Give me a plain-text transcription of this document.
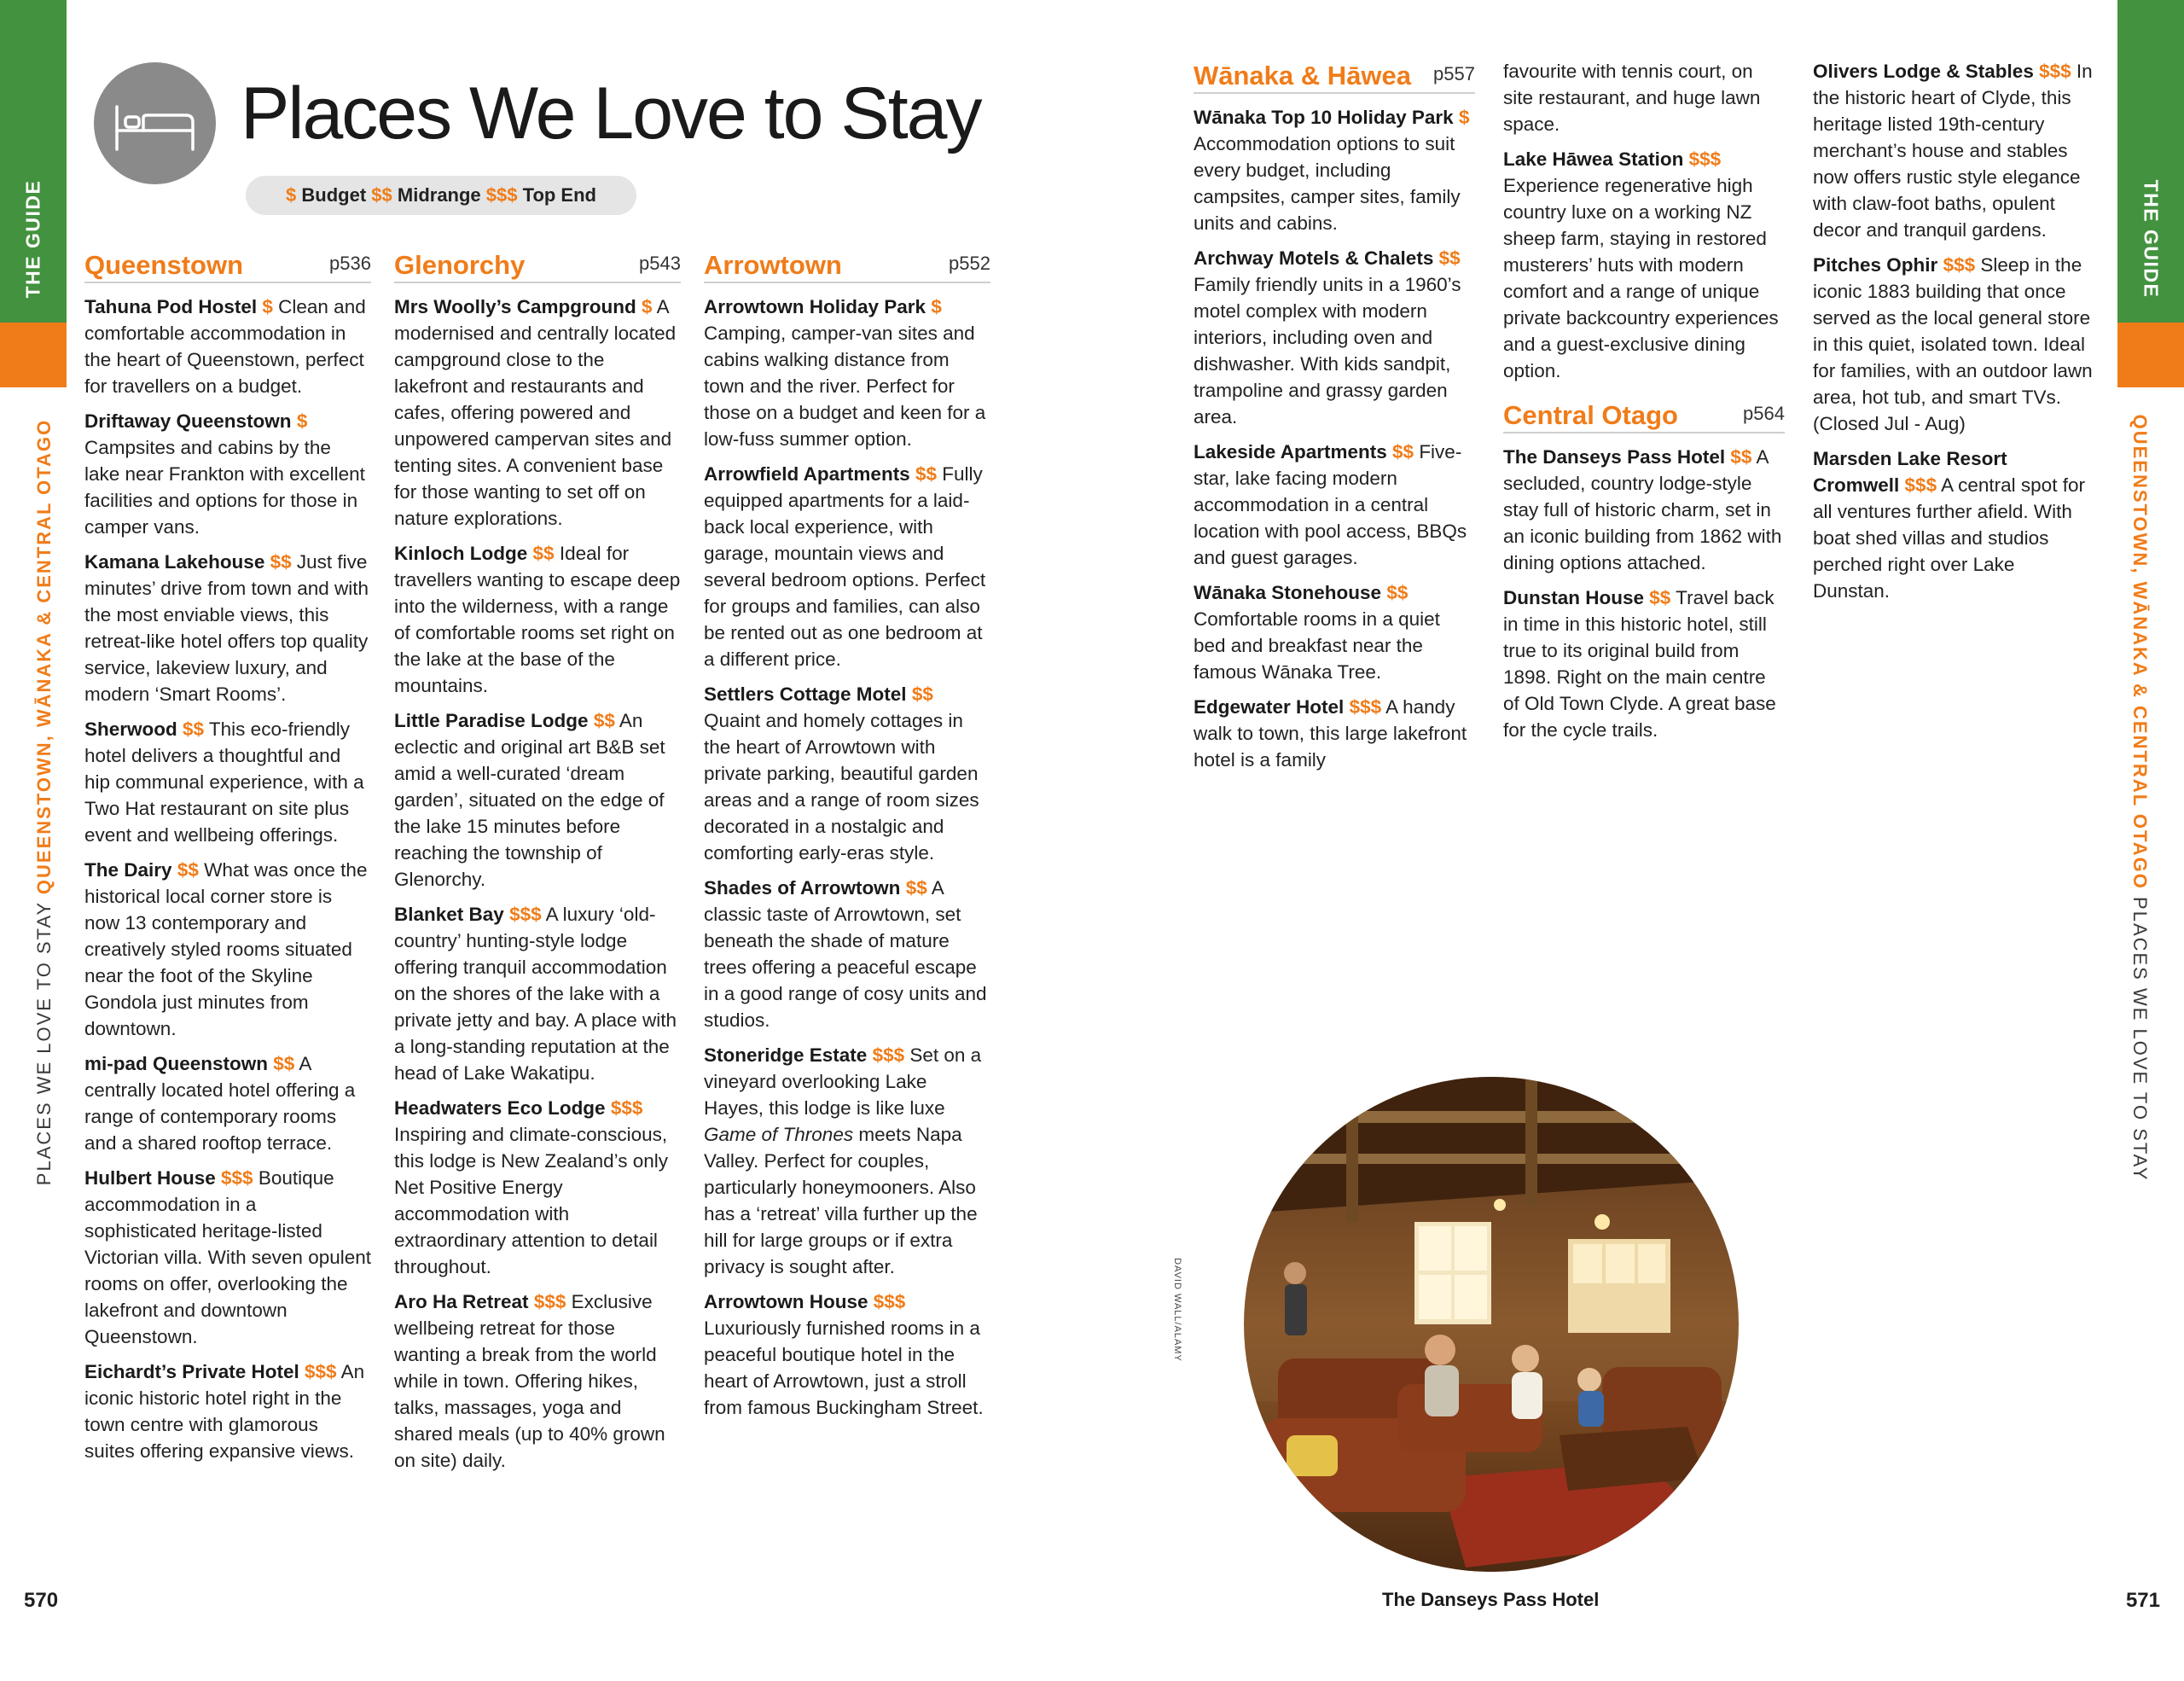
THE GUIDE
PLACES WE LOVE TO STAY QUEENSTOWN, WĀNAKA & CENTRAL OTAGO
570
Places We Love to Stay
$ Budget $$ Midrange $$$ Top End
Queenstown	p536
Tahuna Pod Hostel $ Clean and comfortable accommodation in the heart of Queenstown, perfect for travellers on a budget.
Driftaway Queenstown $ Campsites and cabins by the lake near Frankton with excellent facilities and options for those in camper vans.
Kamana Lakehouse $$ Just five minutes’ drive from town and with the most enviable views, this retreat-like hotel offers top quality service, lakeview luxury, and modern ‘Smart Rooms’.
Sherwood $$ This eco-friendly hotel delivers a thoughtful and hip communal experience, with a Two Hat restaurant on site plus event and wellbeing offerings.
The Dairy $$ What was once the historical local corner store is now 13 contemporary and creatively styled rooms situated near the foot of the Skyline Gondola just minutes from downtown.
mi-pad Queenstown $$ A centrally located hotel offering a range of contemporary rooms and a shared rooftop terrace.
Hulbert House $$$ Boutique accommodation in a sophisticated heritage-listed Victorian villa. With seven opulent rooms on offer, overlooking the lakefront and downtown Queenstown.
Eichardt’s Private Hotel $$$ An iconic historic hotel right in the town centre with glamorous suites offering expansive views.
Glenorchy	p543
Mrs Woolly’s Campground $ A modernised and centrally located campground close to the lakefront and restaurants and cafes, offering powered and unpowered campervan sites and tenting sites. A convenient base for those wanting to set off on nature explorations.
Kinloch Lodge $$ Ideal for travellers wanting to escape deep into the wilderness, with a range of comfortable rooms set right on the lake at the base of the mountains.
Little Paradise Lodge $$ An eclectic and original art B&B set amid a well-curated ‘dream garden’, situated on the edge of the lake 15 minutes before reaching the township of Glenorchy.
Blanket Bay $$$ A luxury ‘old-country’ hunting-style lodge offering tranquil accommodation on the shores of the lake with a private jetty and bay. A place with a long-standing reputation at the head of Lake Wakatipu.
Headwaters Eco Lodge $$$ Inspiring and climate-conscious, this lodge is New Zealand’s only Net Positive Energy accommodation with extraordinary attention to detail throughout.
Aro Ha Retreat $$$ Exclusive wellbeing retreat for those wanting a break from the world while in town. Offering hikes, talks, massages, yoga and shared meals (up to 40% grown on site) daily.
Arrowtown	p552
Arrowtown Holiday Park $ Camping, camper-van sites and cabins walking distance from town and the river. Perfect for those on a budget and keen for a low-fuss summer option.
Arrowfield Apartments $$ Fully equipped apartments for a laid-back local experience, with garage, mountain views and several bedroom options. Perfect for groups and families, can also be rented out as one bedroom at a different price.
Settlers Cottage Motel $$ Quaint and homely cottages in the heart of Arrowtown with private parking, beautiful garden areas and a range of room sizes decorated in a nostalgic and comforting early-eras style.
Shades of Arrowtown $$ A classic taste of Arrowtown, set beneath the shade of mature trees offering a peaceful escape in a good range of cosy units and studios.
Stoneridge Estate $$$ Set on a vineyard overlooking Lake Hayes, this lodge is like luxe Game of Thrones meets Napa Valley. Perfect for couples, particularly honeymooners. Also has a ‘retreat’ villa further up the hill for large groups or if extra privacy is sought after.
Arrowtown House $$$ Luxuriously furnished rooms in a peaceful boutique hotel in the heart of Arrowtown, just a stroll from famous Buckingham Street.
THE GUIDE
QUEENSTOWN, WĀNAKA & CENTRAL OTAGO PLACES WE LOVE TO STAY
571
Wānaka & Hāwea p557
Wānaka Top 10 Holiday Park $ Accommodation options to suit every budget, including campsites, camper sites, family units and cabins.
Archway Motels & Chalets $$ Family friendly units in a 1960’s motel complex with modern interiors, including oven and dishwasher. With kids sandpit, trampoline and grassy garden area.
Lakeside Apartments $$ Five-star, lake facing modern accommodation in a central location with pool access, BBQs and guest garages.
Wānaka Stonehouse $$ Comfortable rooms in a quiet bed and breakfast near the famous Wānaka Tree.
Edgewater Hotel $$$ A handy walk to town, this large lakefront hotel is a family
favourite with tennis court, on site restaurant, and huge lawn space.
Lake Hāwea Station $$$ Experience regenerative high country luxe on a working NZ sheep farm, staying in restored musterers’ huts with modern comfort and a range of unique private backcountry experiences and a guest-exclusive dining option.
Central Otago	p564
The Danseys Pass Hotel $$ A secluded, country lodge-style stay full of historic charm, set in an iconic building from 1862 with dining options attached.
Dunstan House $$ Travel back in time in this historic hotel, still true to its original build from 1898. Right on the main centre of Old Town Clyde. A great base for the cycle trails.
Olivers Lodge & Stables $$$ In the historic heart of Clyde, this heritage listed 19th-century merchant’s house and stables now offers rustic style elegance with claw-foot baths, opulent decor and tranquil gardens.
Pitches Ophir $$$ Sleep in the iconic 1883 building that once served as the local general store in this quiet, isolated town. Ideal for families, with an outdoor lawn area, hot tub, and smart TVs. (Closed Jul - Aug)
Marsden Lake Resort Cromwell $$$ A central spot for all ventures further afield. With boat shed villas and studios perched right over Lake Dunstan.
DAVID WALL/ALAMY
The Danseys Pass Hotel
